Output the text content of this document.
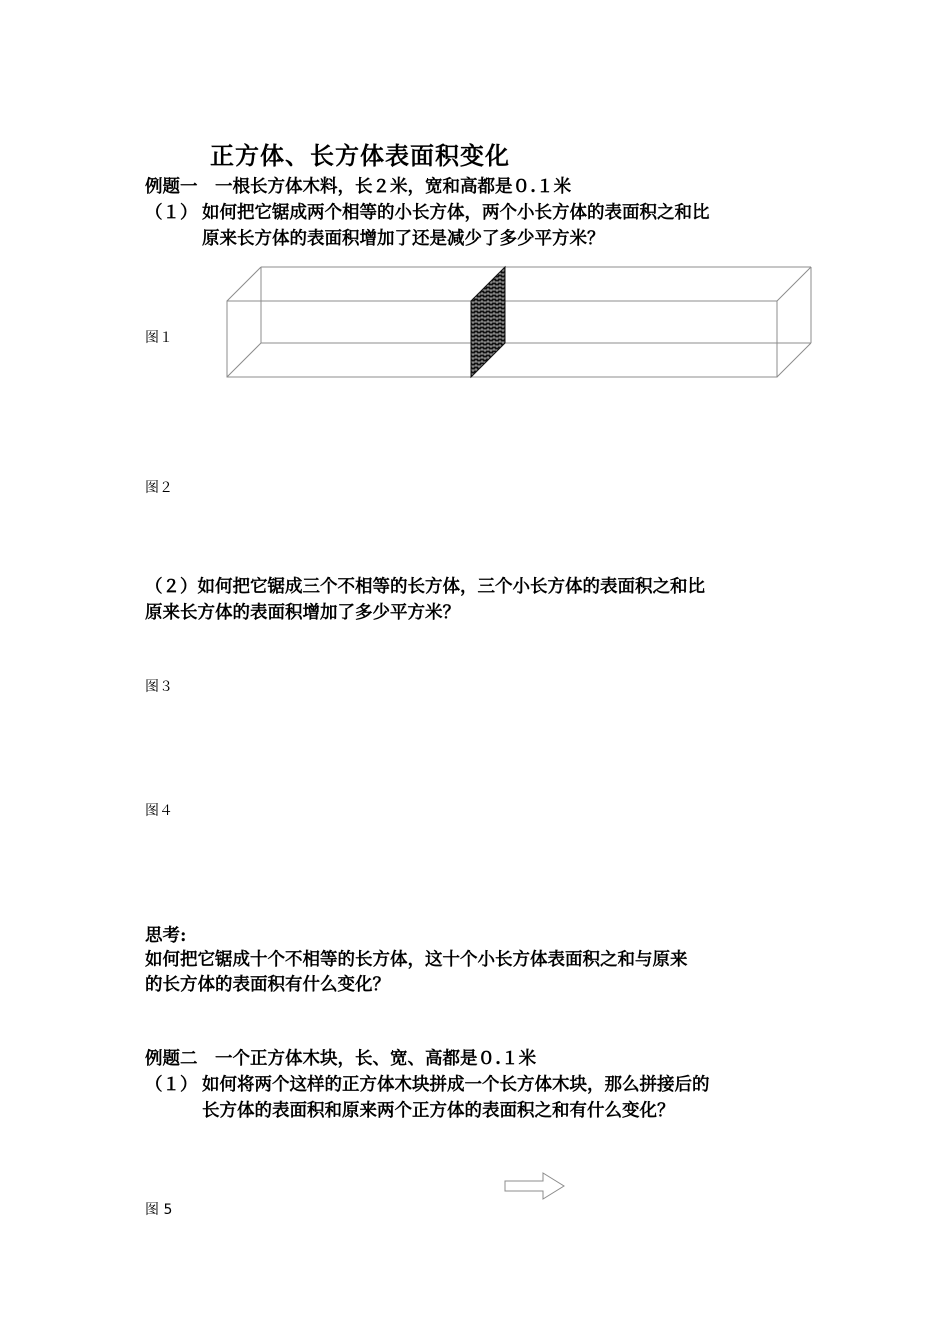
正方体、长方体表面积变化
例题一　一根长方体木料，长２米，宽和高都是０.１米
（１） 如何把它锯成两个相等的小长方体，两个小长方体的表面积之和比
原来长方体的表面积增加了还是减少了多少平方米？
图１
图２
（２）如何把它锯成三个不相等的长方体，三个小长方体的表面积之和比
原来长方体的表面积增加了多少平方米？
图３
图４
思考:
如何把它锯成十个不相等的长方体，这十个小长方体表面积之和与原来
的长方体的表面积有什么变化？
例题二　一个正方体木块，长、宽、高都是０.１米
（１） 如何将两个这样的正方体木块拼成一个长方体木块，那么拼接后的
长方体的表面积和原来两个正方体的表面积之和有什么变化？
图 5
